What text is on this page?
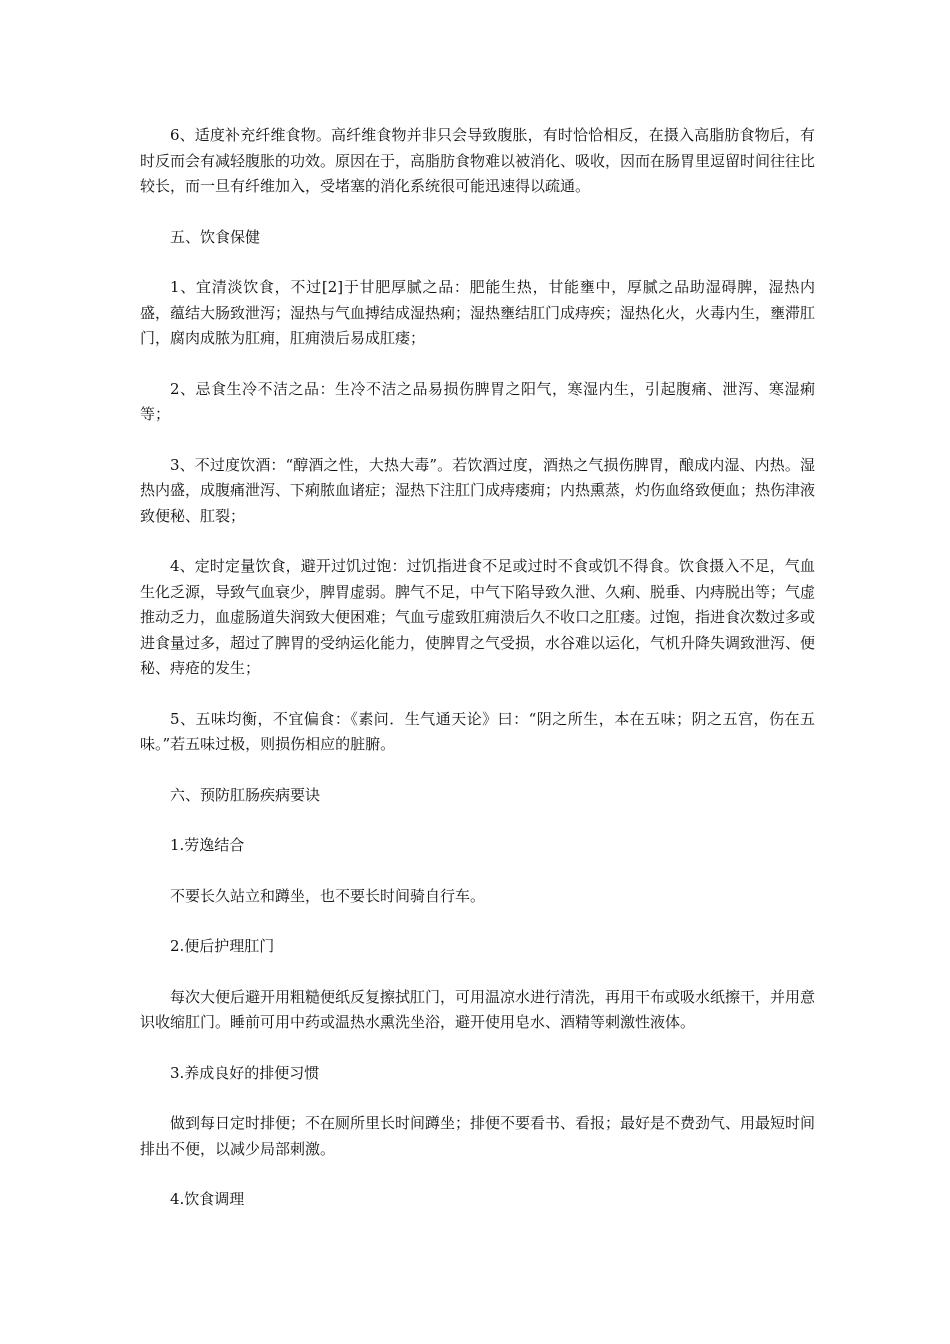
6、适度补充纤维食物。高纤维食物并非只会导致腹胀，有时恰恰相反，在摄入高脂肪食物后，有时反而会有减轻腹胀的功效。原因在于，高脂肪食物难以被消化、吸收，因而在肠胃里逗留时间往往比较长，而一旦有纤维加入，受堵塞的消化系统很可能迅速得以疏通。

五、饮食保健

1、宜清淡饮食，不过[2]于甘肥厚腻之品：肥能生热，甘能壅中，厚腻之品助湿碍脾，湿热内盛，蕴结大肠致泄泻；湿热与气血搏结成湿热痢；湿热壅结肛门成痔疾；湿热化火，火毒内生，壅滞肛门，腐肉成脓为肛痈，肛痈溃后易成肛瘘；

2、忌食生冷不洁之品：生冷不洁之品易损伤脾胃之阳气，寒湿内生，引起腹痛、泄泻、寒湿痢等；

3、不过度饮酒：“醇酒之性，大热大毒”。若饮酒过度，酒热之气损伤脾胃，酿成内湿、内热。湿热内盛，成腹痛泄泻、下痢脓血诸症；湿热下注肛门成痔瘘痈；内热熏蒸，灼伤血络致便血；热伤津液致便秘、肛裂；

4、定时定量饮食，避开过饥过饱：过饥指进食不足或过时不食或饥不得食。饮食摄入不足，气血生化乏源，导致气血衰少，脾胃虚弱。脾气不足，中气下陷导致久泄、久痢、脱垂、内痔脱出等；气虚推动乏力，血虚肠道失润致大便困难；气血亏虚致肛痈溃后久不收口之肛瘘。过饱，指进食次数过多或进食量过多，超过了脾胃的受纳运化能力，使脾胃之气受损，水谷难以运化，气机升降失调致泄泻、便秘、痔疮的发生；

5、五味均衡，不宜偏食：《素问．生气通天论》曰：“阴之所生，本在五味；阴之五宫，伤在五味。”若五味过极，则损伤相应的脏腑。

六、预防肛肠疾病要诀

1.劳逸结合

不要长久站立和蹲坐，也不要长时间骑自行车。

2.便后护理肛门

每次大便后避开用粗糙便纸反复擦拭肛门，可用温凉水进行清洗，再用干布或吸水纸擦干，并用意识收缩肛门。睡前可用中药或温热水熏洗坐浴，避开使用皂水、酒精等刺激性液体。

3.养成良好的排便习惯

做到每日定时排便；不在厕所里长时间蹲坐；排便不要看书、看报；最好是不费劲气、用最短时间排出不便，以减少局部刺激。

4.饮食调理
